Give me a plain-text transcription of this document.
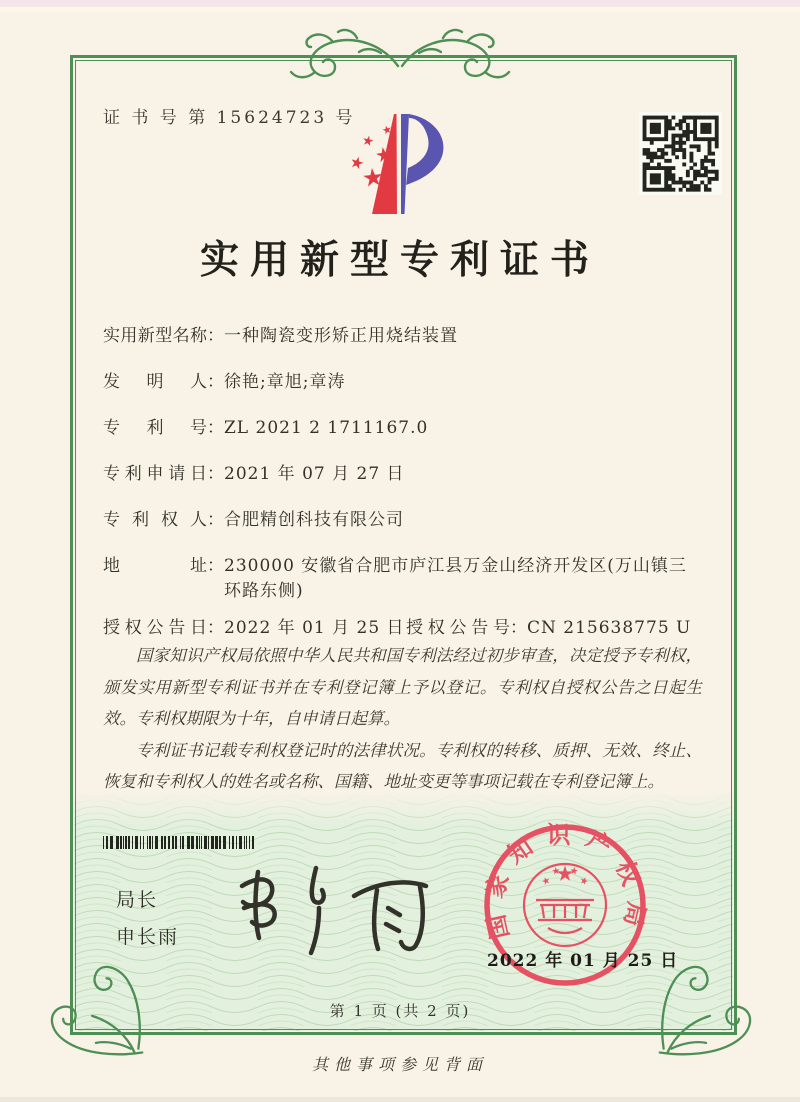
证 书 号 第 15624723 号
实用新型专利证书
实用新型名称 ： 一种陶瓷变形矫正用烧结装置
发明人 ： 徐艳;章旭;章涛
专利号 ： ZL 2021 2 1711167.0
专利申请日 ： 2021 年 07 月 27 日
专利权人 ： 合肥精创科技有限公司
地址 ： 230000 安徽省合肥市庐江县万金山经济开发区(万山镇三环路东侧)
授权公告日 ： 2022 年 01 月 25 日 授权公告号 ： CN 215638775 U

国家知识产权局依照中华人民共和国专利法经过初步审查，决定授予专利权，颁发实用新型专利证书并在专利登记簿上予以登记。专利权自授权公告之日起生效。专利权期限为十年，自申请日起算。

专利证书记载专利权登记时的法律状况。专利权的转移、质押、无效、终止、恢复和专利权人的姓名或名称、国籍、地址变更等事项记载在专利登记簿上。

局长
申长雨	国家知识产权局
2022 年 01 月 25 日
第 1 页 (共 2 页)
其他事项参见背面
